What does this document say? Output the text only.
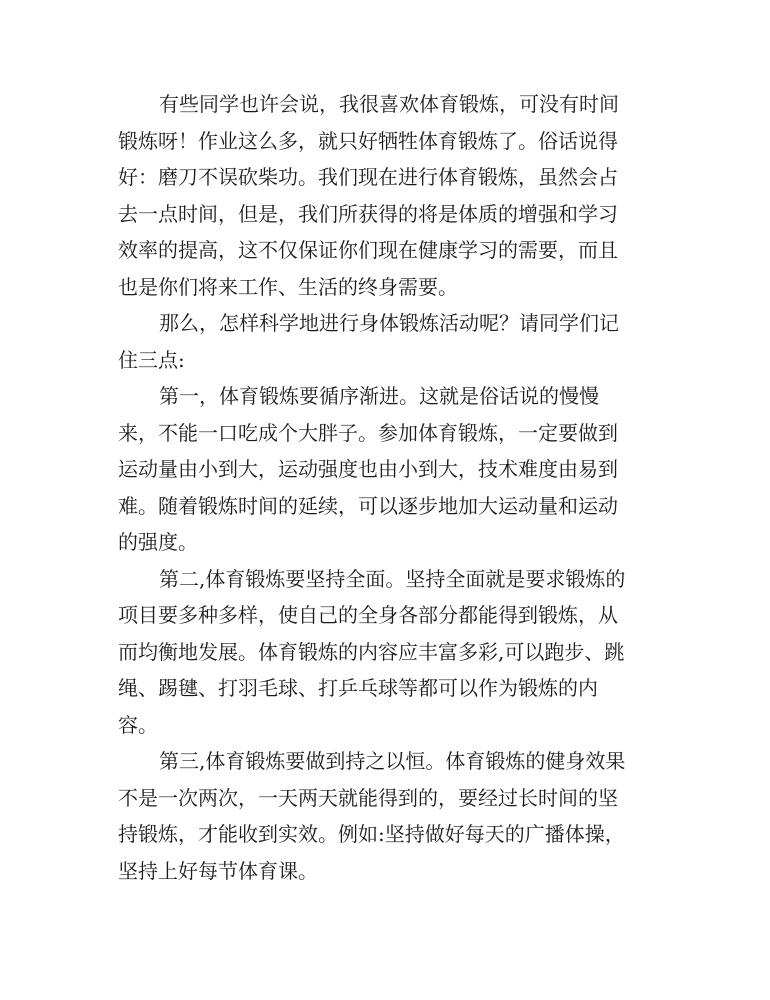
有些同学也许会说，我很喜欢体育锻炼，可没有时间

锻炼呀！作业这么多，就只好牺牲体育锻炼了。俗话说得

好：磨刀不误砍柴功。我们现在进行体育锻炼，虽然会占

去一点时间，但是，我们所获得的将是体质的增强和学习

效率的提高，这不仅保证你们现在健康学习的需要，而且

也是你们将来工作、生活的终身需要。

那么，怎样科学地进行身体锻炼活动呢？请同学们记

住三点:

第一，体育锻炼要循序渐进。这就是俗话说的慢慢

来，不能一口吃成个大胖子。参加体育锻炼，一定要做到

运动量由小到大，运动强度也由小到大，技术难度由易到

难。随着锻炼时间的延续，可以逐步地加大运动量和运动

的强度。

第二,体育锻炼要坚持全面。坚持全面就是要求锻炼的

项目要多种多样，使自己的全身各部分都能得到锻炼，从

而均衡地发展。体育锻炼的内容应丰富多彩,可以跑步、跳

绳、踢毽、打羽毛球、打乒乓球等都可以作为锻炼的内

容。

第三,体育锻炼要做到持之以恒。体育锻炼的健身效果

不是一次两次，一天两天就能得到的，要经过长时间的坚

持锻炼，才能收到实效。例如:坚持做好每天的广播体操，

坚持上好每节体育课。
